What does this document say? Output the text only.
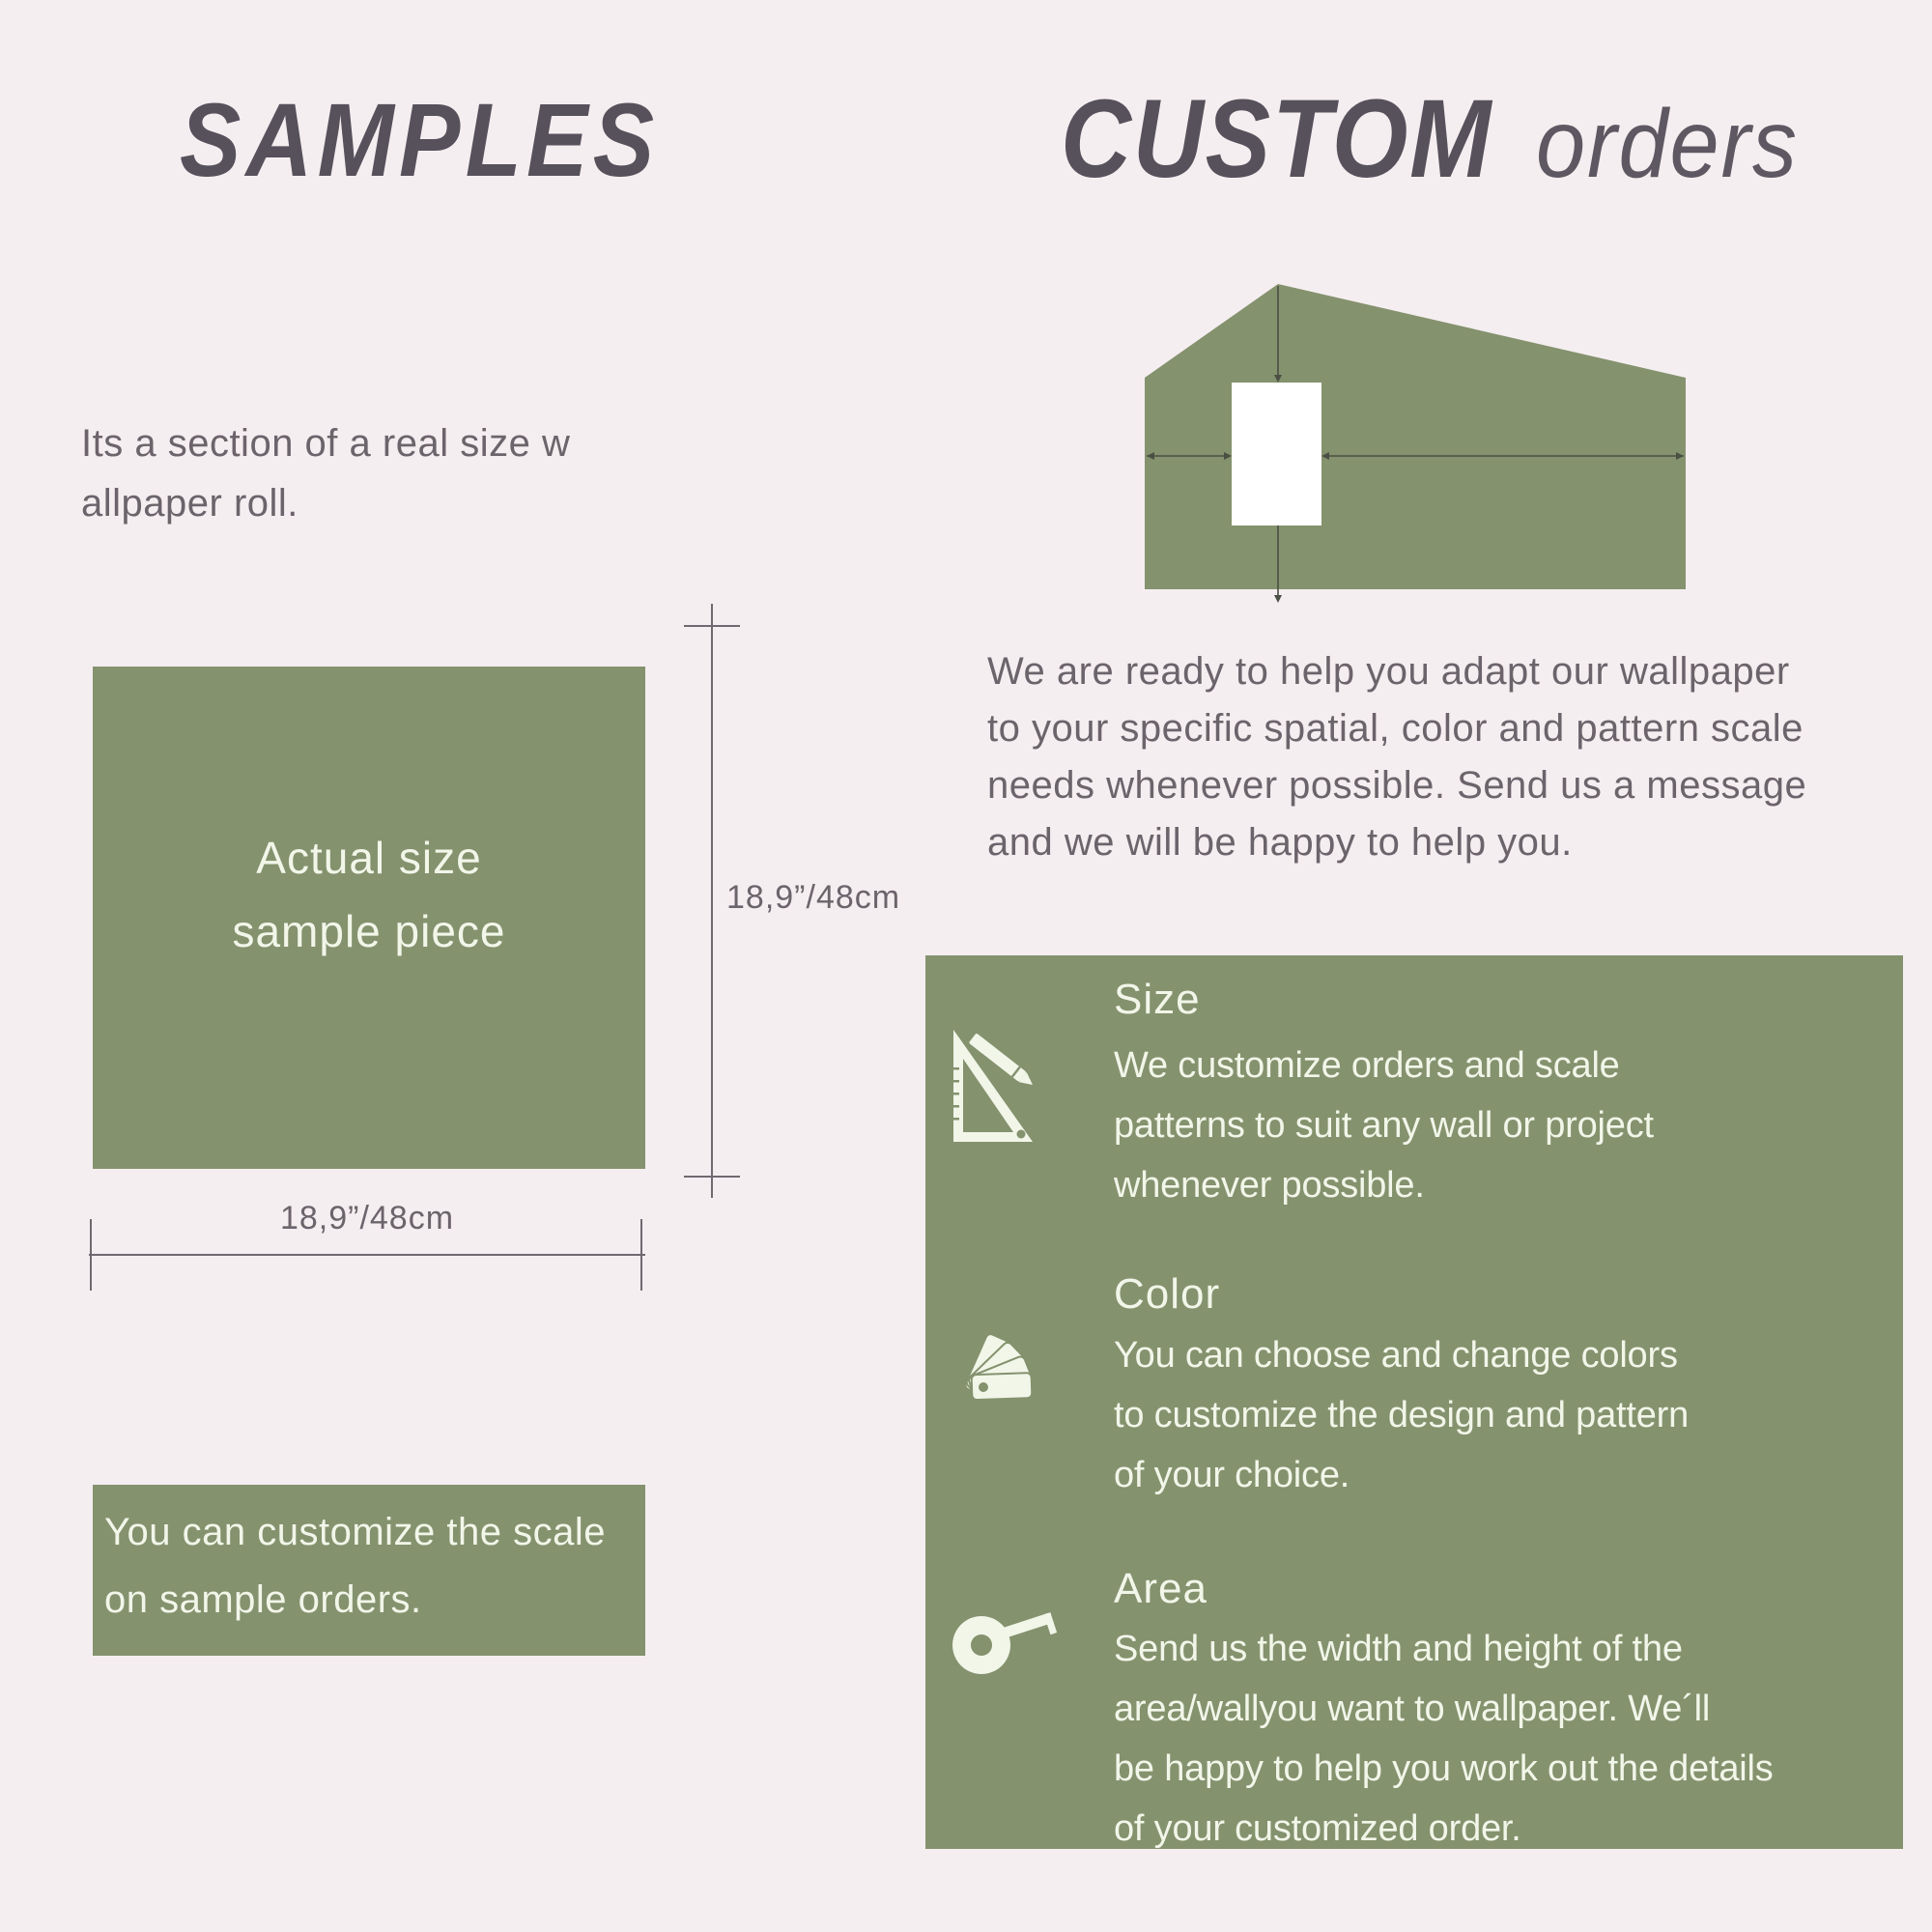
SAMPLES
Its a section of a real size w
allpaper roll.
Actual size
sample piece
18,9”/48cm
18,9”/48cm
You can customize the scale
on sample orders.
CUSTOM orders
We are ready to help you adapt our wallpaper
to your specific spatial, color and pattern scale
needs whenever possible. Send us a message
and we will be happy to help you.
Size
We customize orders and scale
patterns to suit any wall or project
whenever possible.
Color
You can choose and change colors
to customize the design and pattern
of your choice.
Area
Send us the width and height of the
area/wallyou want to wallpaper. We´ll
be happy to help you work out the details
of your customized order.
